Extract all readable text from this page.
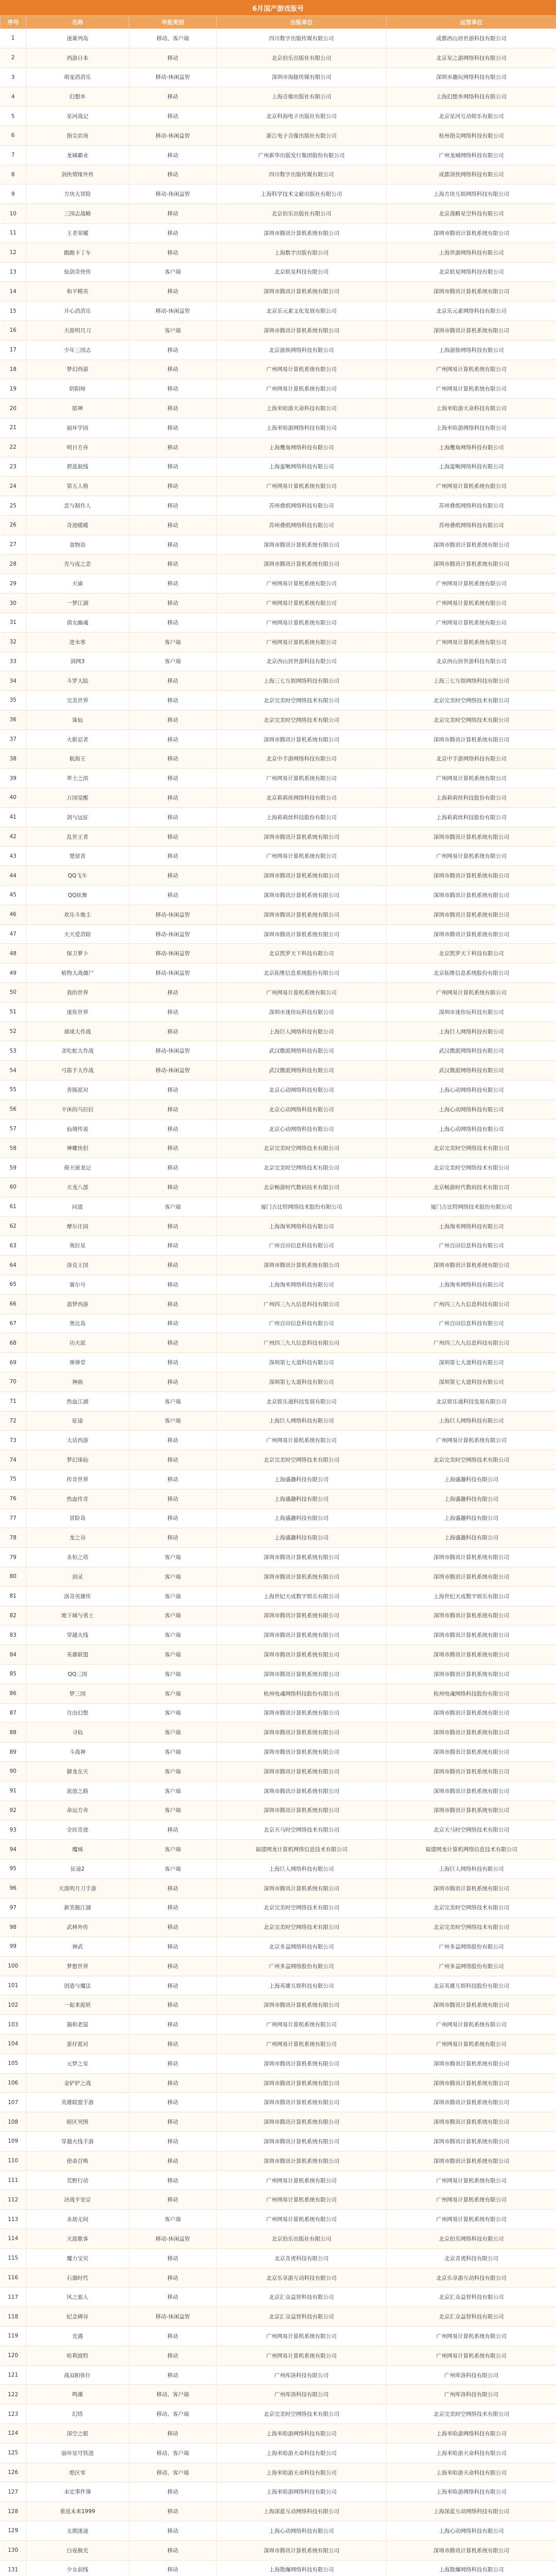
6月国产游戏版号
序号	名称	申报类别	出版单位	运营单位
1	迷雾列岛	移动、客户端	四川数字出版传媒有限公司	成都西山居世游科技有限公司
2	西游日本	移动	北京伯乐出版社有限公司	北京星之游网络科技有限公司
3	萌宠消消乐	移动-休闲益智	深圳市海豚传媒有限公司	深圳市趣玩网络科技有限公司
4	幻想乡	移动	上海音像出版社有限公司	上海幻想乡网络科技有限公司
5	星河战记	移动	北京科海电子出版社有限公司	北京星河互动娱乐有限公司
6	指尖农场	移动-休闲益智	浙江电子音像出版社有限公司	杭州指尖网络科技有限公司
7	龙城霸业	移动	广州新华出版发行集团股份有限公司	广州龙城网络科技有限公司
8	剑侠情缘外传	移动	四川数字出版传媒有限公司	成都剑侠网络科技有限公司
9	方块大冒险	移动-休闲益智	上海科学技术文献出版社有限公司	上海方块互娱网络科技有限公司
10	三国志战略	移动	北京伯乐出版社有限公司	北京战略星空科技有限公司
11	王者荣耀	移动	深圳市腾讯计算机系统有限公司	深圳市腾讯计算机系统有限公司
12	跑跑卡丁车	移动	上海数字出版有限公司	上海世游网络科技有限公司
13	仙剑奇侠传	客户端	北京软星科技有限公司	北京软星网络科技有限公司
14	和平精英	移动	深圳市腾讯计算机系统有限公司	深圳市腾讯计算机系统有限公司
15	开心消消乐	移动-休闲益智	北京乐元素文化发展有限公司	北京乐元素网络科技有限公司
16	天涯明月刀	客户端	深圳市腾讯计算机系统有限公司	深圳市腾讯计算机系统有限公司
17	少年三国志	移动	北京游族网络科技有限公司	上海游族网络科技有限公司
18	梦幻西游	移动	广州网易计算机系统有限公司	广州网易计算机系统有限公司
19	阴阳师	移动	广州网易计算机系统有限公司	广州网易计算机系统有限公司
20	原神	移动	上海米哈游天命科技有限公司	上海米哈游天命科技有限公司
21	崩坏学园	移动	上海米哈游网络科技有限公司	上海米哈游网络科技有限公司
22	明日方舟	移动	上海鹰角网络科技有限公司	上海鹰角网络科技有限公司
23	碧蓝航线	移动	上海蛮啾网络科技有限公司	上海蛮啾网络科技有限公司
24	第五人格	移动	广州网易计算机系统有限公司	广州网易计算机系统有限公司
25	恋与制作人	移动	苏州叠纸网络科技有限公司	苏州叠纸网络科技有限公司
26	奇迹暖暖	移动	苏州叠纸网络科技有限公司	苏州叠纸网络科技有限公司
27	食物语	移动	深圳市腾讯计算机系统有限公司	深圳市腾讯计算机系统有限公司
28	光与夜之恋	移动	深圳市腾讯计算机系统有限公司	深圳市腾讯计算机系统有限公司
29	天谕	移动	广州网易计算机系统有限公司	广州网易计算机系统有限公司
30	一梦江湖	移动	广州网易计算机系统有限公司	广州网易计算机系统有限公司
31	倩女幽魂	移动	广州网易计算机系统有限公司	广州网易计算机系统有限公司
32	逆水寒	客户端	广州网易计算机系统有限公司	广州网易计算机系统有限公司
33	剑网3	客户端	北京西山居世游科技有限公司	北京西山居世游科技有限公司
34	斗罗大陆	移动	上海三七互娱网络科技有限公司	上海三七互娱网络科技有限公司
35	完美世界	移动	北京完美时空网络技术有限公司	北京完美时空网络技术有限公司
36	诛仙	移动	北京完美时空网络技术有限公司	北京完美时空网络技术有限公司
37	火影忍者	移动	深圳市腾讯计算机系统有限公司	深圳市腾讯计算机系统有限公司
38	航海王	移动	北京中手游网络科技有限公司	北京中手游网络科技有限公司
39	率土之滨	移动	广州网易计算机系统有限公司	广州网易计算机系统有限公司
40	万国觉醒	移动	北京莉莉丝网络科技有限公司	上海莉莉丝科技股份有限公司
41	剑与远征	移动	上海莉莉丝科技股份有限公司	上海莉莉丝科技股份有限公司
42	乱世王者	移动	深圳市腾讯计算机系统有限公司	深圳市腾讯计算机系统有限公司
43	楚留香	移动	广州网易计算机系统有限公司	广州网易计算机系统有限公司
44	QQ飞车	移动	深圳市腾讯计算机系统有限公司	深圳市腾讯计算机系统有限公司
45	QQ炫舞	移动	深圳市腾讯计算机系统有限公司	深圳市腾讯计算机系统有限公司
46	欢乐斗地主	移动-休闲益智	深圳市腾讯计算机系统有限公司	深圳市腾讯计算机系统有限公司
47	天天爱消除	移动-休闲益智	深圳市腾讯计算机系统有限公司	深圳市腾讯计算机系统有限公司
48	保卫萝卜	移动-休闲益智	北京凯罗天下科技有限公司	北京凯罗天下科技有限公司
49	植物大战僵尸	移动-休闲益智	北京拓维信息系统股份有限公司	北京拓维信息系统股份有限公司
50	我的世界	移动	广州网易计算机系统有限公司	广州网易计算机系统有限公司
51	迷你世界	移动	深圳市迷你玩科技有限公司	深圳市迷你玩科技有限公司
52	球球大作战	移动	上海巨人网络科技有限公司	上海巨人网络科技有限公司
53	贪吃蛇大作战	移动-休闲益智	武汉微派网络科技有限公司	武汉微派网络科技有限公司
54	弓箭手大作战	移动-休闲益智	武汉微派网络科技有限公司	武汉微派网络科技有限公司
55	香肠派对	移动	北京心动网络科技有限公司	上海心动网络科技有限公司
56	不休的乌拉拉	移动	北京心动网络科技有限公司	上海心动网络科技有限公司
57	仙境传说	移动	北京心动网络科技有限公司	上海心动网络科技有限公司
58	神雕侠侣	移动	北京完美时空网络技术有限公司	北京完美时空网络技术有限公司
59	倚天屠龙记	移动	北京完美时空网络技术有限公司	北京完美时空网络技术有限公司
60	天龙八部	移动	北京畅游时代数码技术有限公司	北京畅游时代数码技术有限公司
61	问道	客户端	厦门吉比特网络技术股份有限公司	厦门吉比特网络技术股份有限公司
62	摩尔庄园	移动	上海淘米网络科技有限公司	上海淘米网络科技有限公司
63	奥拉星	移动	广州百田信息科技有限公司	广州百田信息科技有限公司
64	洛克王国	移动	深圳市腾讯计算机系统有限公司	深圳市腾讯计算机系统有限公司
65	赛尔号	移动	上海淘米网络科技有限公司	上海淘米网络科技有限公司
66	造梦西游	移动	广州四三九九信息科技有限公司	广州四三九九信息科技有限公司
67	奥比岛	移动	广州百田信息科技有限公司	广州百田信息科技有限公司
68	功夫派	移动	广州四三九九信息科技有限公司	广州四三九九信息科技有限公司
69	弹弹堂	移动	深圳第七大道科技有限公司	深圳第七大道科技有限公司
70	神曲	移动	深圳第七大道科技有限公司	深圳第七大道科技有限公司
71	热血江湖	客户端	北京娱乐通科技发展有限公司	北京娱乐通科技发展有限公司
72	征途	客户端	上海巨人网络科技有限公司	上海巨人网络科技有限公司
73	大话西游	移动	广州网易计算机系统有限公司	广州网易计算机系统有限公司
74	梦幻诛仙	移动	北京完美时空网络技术有限公司	北京完美时空网络技术有限公司
75	传奇世界	移动	上海盛趣科技有限公司	上海盛趣科技有限公司
76	热血传奇	移动	上海盛趣科技有限公司	上海盛趣科技有限公司
77	冒险岛	移动	上海盛趣科技有限公司	上海盛趣科技有限公司
78	龙之谷	移动	上海盛趣科技有限公司	上海盛趣科技有限公司
79	永恒之塔	客户端	深圳市腾讯计算机系统有限公司	深圳市腾讯计算机系统有限公司
80	剑灵	客户端	深圳市腾讯计算机系统有限公司	深圳市腾讯计算机系统有限公司
81	洛奇英雄传	客户端	上海世纪天成数字娱乐有限公司	上海世纪天成数字娱乐有限公司
82	地下城与勇士	客户端	深圳市腾讯计算机系统有限公司	深圳市腾讯计算机系统有限公司
83	穿越火线	客户端	深圳市腾讯计算机系统有限公司	深圳市腾讯计算机系统有限公司
84	英雄联盟	客户端	深圳市腾讯计算机系统有限公司	深圳市腾讯计算机系统有限公司
85	QQ三国	客户端	深圳市腾讯计算机系统有限公司	深圳市腾讯计算机系统有限公司
86	梦三国	客户端	杭州电魂网络科技股份有限公司	杭州电魂网络科技股份有限公司
87	自由幻想	客户端	深圳市腾讯计算机系统有限公司	深圳市腾讯计算机系统有限公司
88	寻仙	客户端	深圳市腾讯计算机系统有限公司	深圳市腾讯计算机系统有限公司
89	斗战神	客户端	深圳市腾讯计算机系统有限公司	深圳市腾讯计算机系统有限公司
90	御龙在天	客户端	深圳市腾讯计算机系统有限公司	深圳市腾讯计算机系统有限公司
91	流放之路	客户端	深圳市腾讯计算机系统有限公司	深圳市腾讯计算机系统有限公司
92	命运方舟	客户端	深圳市腾讯计算机系统有限公司	深圳市腾讯计算机系统有限公司
93	全民奇迹	移动	北京天马时空网络技术有限公司	北京天马时空网络技术有限公司
94	魔域	客户端	福建网龙计算机网络信息技术有限公司	福建网龙计算机网络信息技术有限公司
95	征途2	客户端	上海巨人网络科技有限公司	上海巨人网络科技有限公司
96	天涯明月刀手游	移动	深圳市腾讯计算机系统有限公司	深圳市腾讯计算机系统有限公司
97	新笑傲江湖	移动	北京完美时空网络技术有限公司	北京完美时空网络技术有限公司
98	武林外传	移动	北京完美时空网络技术有限公司	北京完美时空网络技术有限公司
99	神武	移动	北京多益网络科技有限公司	广州多益网络股份有限公司
100	梦想世界	移动	广州多益网络股份有限公司	广州多益网络股份有限公司
101	创造与魔法	移动	上海英雄互娱科技有限公司	北京英雄互娱科技股份有限公司
102	一起来捉妖	移动	深圳市腾讯计算机系统有限公司	深圳市腾讯计算机系统有限公司
103	猫和老鼠	移动	广州网易计算机系统有限公司	广州网易计算机系统有限公司
104	蛋仔派对	移动	广州网易计算机系统有限公司	广州网易计算机系统有限公司
105	元梦之星	移动	深圳市腾讯计算机系统有限公司	深圳市腾讯计算机系统有限公司
106	金铲铲之战	移动	深圳市腾讯计算机系统有限公司	深圳市腾讯计算机系统有限公司
107	英雄联盟手游	移动	深圳市腾讯计算机系统有限公司	深圳市腾讯计算机系统有限公司
108	暗区突围	移动	深圳市腾讯计算机系统有限公司	深圳市腾讯计算机系统有限公司
109	穿越火线手游	移动	深圳市腾讯计算机系统有限公司	深圳市腾讯计算机系统有限公司
110	使命召唤	移动	深圳市腾讯计算机系统有限公司	深圳市腾讯计算机系统有限公司
111	荒野行动	移动	广州网易计算机系统有限公司	广州网易计算机系统有限公司
112	决战平安京	移动	广州网易计算机系统有限公司	广州网易计算机系统有限公司
113	永劫无间	客户端	广州网易计算机系统有限公司	广州网易计算机系统有限公司
114	天涯歌客	移动-休闲益智	北京伯乐出版社有限公司	北京伯乐网络科技有限公司
115	魔力宝贝	移动	北京奇虎科技有限公司	北京奇虎科技有限公司
116	石器时代	移动	北京乐享游互动科技有限公司	北京乐享游互动科技有限公司
117	风之旅人	移动	北京汇众益智科技有限公司	北京汇众益智科技有限公司
118	纪念碑谷	移动-休闲益智	北京汇众益智科技有限公司	北京汇众益智科技有限公司
119	光遇	移动	广州网易计算机系统有限公司	广州网易计算机系统有限公司
120	哈利波特	移动	广州网易计算机系统有限公司	广州网易计算机系统有限公司
121	战双帕弥什	移动	广州库洛科技有限公司	广州库洛科技有限公司
122	鸣潮	移动、客户端	广州库洛科技有限公司	广州库洛科技有限公司
123	幻塔	移动、客户端	北京完美时空网络技术有限公司	北京完美时空网络技术有限公司
124	深空之眼	移动	上海米哈游网络科技有限公司	上海米哈游网络科技有限公司
125	崩坏星穹铁道	移动、客户端	上海米哈游天命科技有限公司	上海米哈游天命科技有限公司
126	绝区零	移动、客户端	上海米哈游天命科技有限公司	上海米哈游天命科技有限公司
127	未定事件簿	移动	上海米哈游网络科技有限公司	上海米哈游网络科技有限公司
128	重返未来1999	移动	上海深蓝互动网络科技有限公司	上海深蓝互动网络科技有限公司
129	无期迷途	移动	上海心动网络科技有限公司	上海心动网络科技有限公司
130	白夜极光	移动	深圳市腾讯计算机系统有限公司	深圳市腾讯计算机系统有限公司
131	少女前线	移动	上海散爆网络科技有限公司	上海散爆网络科技有限公司
